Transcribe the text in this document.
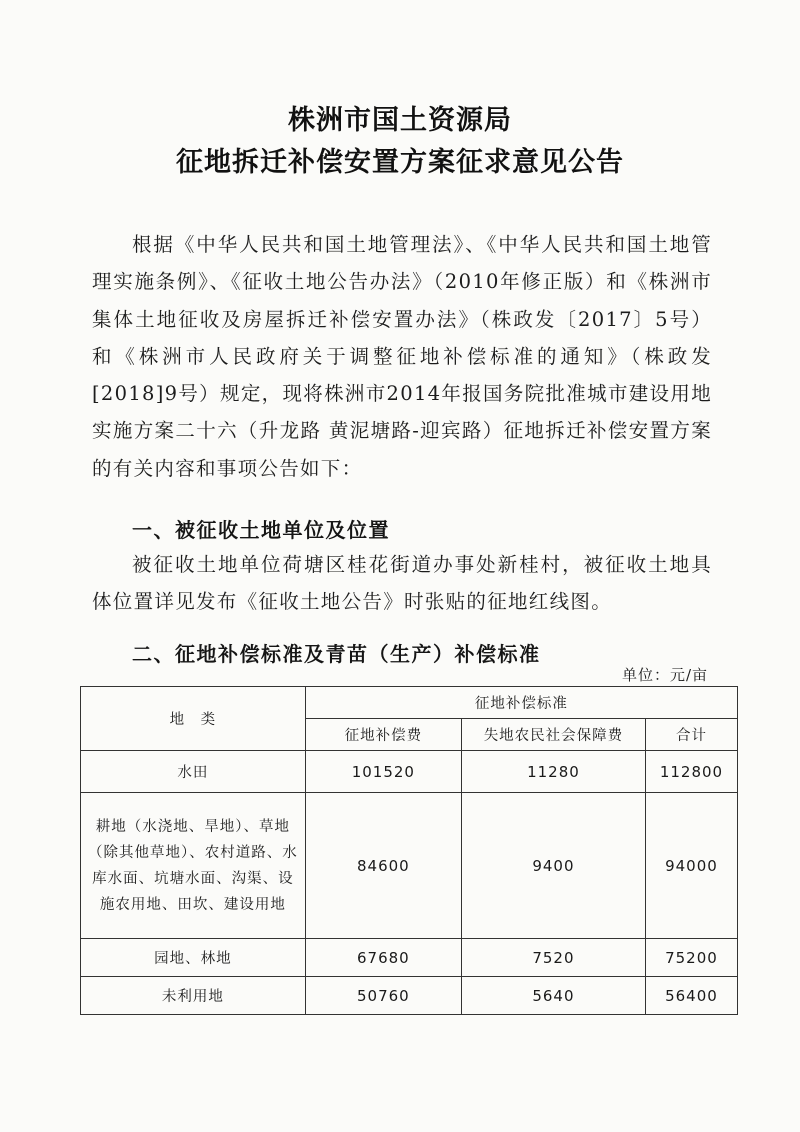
株洲市国土资源局
征地拆迁补偿安置方案征求意见公告
根据《中华人民共和国土地管理法》、《中华人民共和国土地管理实施条例》、《征收土地公告办法》（2010年修正版）和《株洲市集体土地征收及房屋拆迁补偿安置办法》（株政发〔2017〕5号）和《株洲市人民政府关于调整征地补偿标准的通知》（株政发[2018]9号）规定，现将株洲市2014年报国务院批准城市建设用地实施方案二十六（升龙路 黄泥塘路-迎宾路）征地拆迁补偿安置方案的有关内容和事项公告如下：
一、被征收土地单位及位置
被征收土地单位荷塘区桂花街道办事处新桂村，被征收土地具体位置详见发布《征收土地公告》时张贴的征地红线图。
二、征地补偿标准及青苗（生产）补偿标准
单位：元/亩
地　类	征地补偿标准		
	征地补偿费	失地农民社会保障费	合计
水田	101520	11280	112800
耕地（水浇地、旱地）、草地（除其他草地）、农村道路、水库水面、坑塘水面、沟渠、设施农用地、田坎、建设用地	84600	9400	94000
园地、林地	67680	7520	75200
未利用地	50760	5640	56400
